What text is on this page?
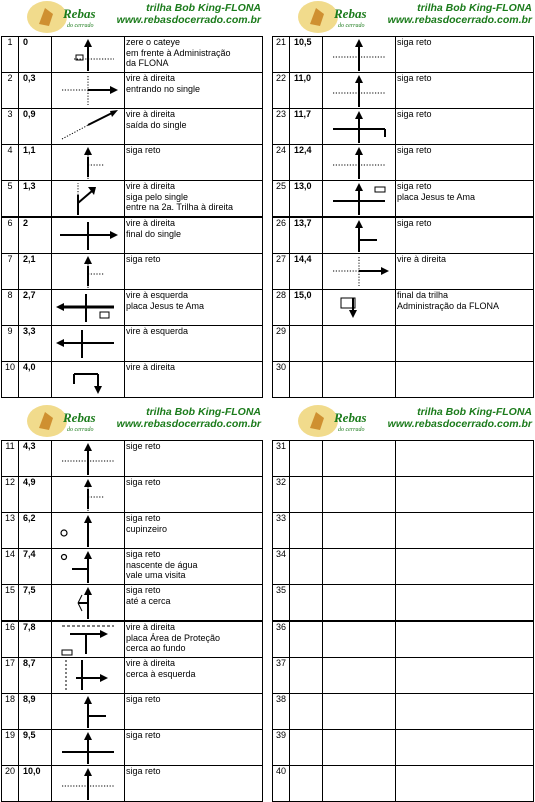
Rebas
do cerrado
trilha Bob King-FLONA
www.rebasdocerrado.com.br
1	0		zere o cateye
em frente à Administração
da FLONA

2	0,3		vire à direita
entrando no single

3	0,9		vire à direita
saída do single

4	1,1		siga reto

5	1,3		vire à direita
siga pelo single
entre na 2a. Trilha à direita

6	2		vire à direita
final do single

7	2,1		siga reto

8	2,7		vire à esquerda
placa Jesus te Ama

9	3,3		vire à esquerda

10	4,0		vire à direita
Rebas
do cerrado
trilha Bob King-FLONA
www.rebasdocerrado.com.br
21	10,5		siga reto

22	11,0		siga reto

23	11,7		siga reto

24	12,4		siga reto

25	13,0		siga reto
placa Jesus te Ama

26	13,7		siga reto

27	14,4		vire à direita

28	15,0		final da trilha
Administração da FLONA

29			
30			
Rebas
do cerrado
trilha Bob King-FLONA
www.rebasdocerrado.com.br
11	4,3		sige reto

12	4,9		siga reto

13	6,2		siga reto
cupinzeiro

14	7,4		siga reto
nascente de água
vale uma visita

15	7,5		siga reto
até a cerca

16	7,8		vire à direita
placa Área de Proteção
cerca ao fundo

17	8,7		vire à direita
cerca à esquerda

18	8,9		siga reto

19	9,5		siga reto

20	10,0		siga reto
Rebas
do cerrado
trilha Bob King-FLONA
www.rebasdocerrado.com.br
31			
32			
33			
34			
35			
36			
37			
38			
39			
40			
